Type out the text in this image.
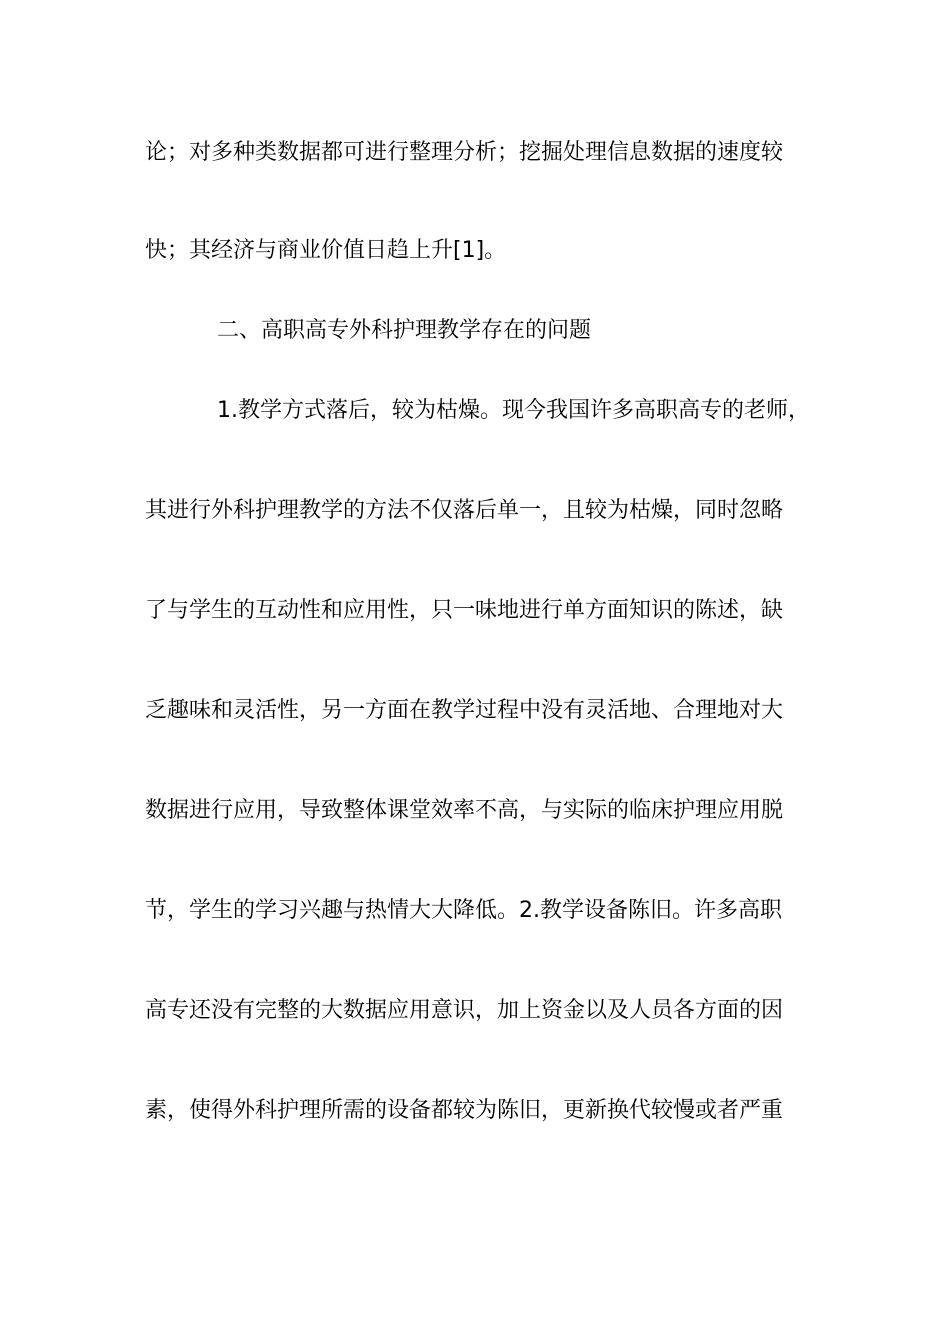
论；对多种类数据都可进行整理分析；挖掘处理信息数据的速度较
快；其经济与商业价值日趋上升[1]。
二、高职高专外科护理教学存在的问题
1.教学方式落后，较为枯燥。现今我国许多高职高专的老师，
其进行外科护理教学的方法不仅落后单一，且较为枯燥，同时忽略
了与学生的互动性和应用性，只一味地进行单方面知识的陈述，缺
乏趣味和灵活性，另一方面在教学过程中没有灵活地、合理地对大
数据进行应用，导致整体课堂效率不高，与实际的临床护理应用脱
节，学生的学习兴趣与热情大大降低。2.教学设备陈旧。许多高职
高专还没有完整的大数据应用意识，加上资金以及人员各方面的因
素，使得外科护理所需的设备都较为陈旧，更新换代较慢或者严重
